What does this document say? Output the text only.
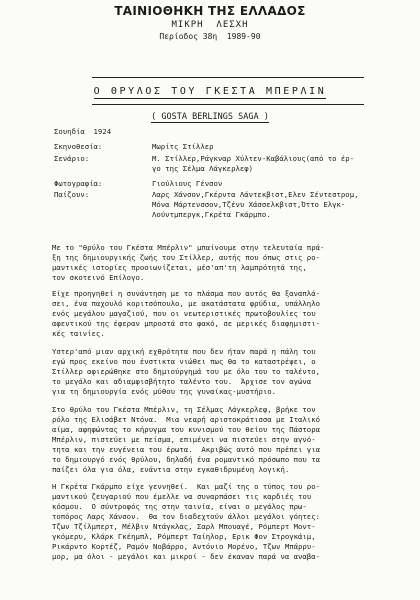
ΤΑΙΝΙΟΘΗΚΗ ΤΗΣ ΕΛΛΑΔΟΣ
ΜΙΚΡΗ  ΛΕΣΧΗ
Περίοδος 38η  1989-90
Ο ΘΡΥΛΟΣ ΤΟΥ ΓΚΕΣΤΑ ΜΠΕΡΛΙΝ
( GOSTA BERLINGS SAGA )
Σουηδία  1924
Σκηνοθεσία:	Μωρίτς Στίλλερ
Σενάριο:	Μ. Στίλλερ,Ράγκναρ Χύλτεν-Καβάλιους(από το έρ-
γο της Σέλμα Λάγκερλεφ)
Φωτογραφία:	Γιούλιους Γένσον
Παίζουν:	Λαρς Χάνσον,Γκέρντα Λάντεκβιστ,Ελεν Σέντεστρομ,
Μόνα Μάρτενσσον,Τζένυ Χάσσελκβιστ,Όττο Ελγκ-
Λούντμπεργκ,Γκρέτα Γκάρμπο.
Με το "θρύλο του Γκέστα Μπέρλιν" μπαίνουμε στην τελευταία πρά-
ξη της δημιουργικής ζωής του Στίλλερ, αυτής που όπως στις ρο-
μαντικές ιστορίες προοιωνίζεται, μέσ'απ'τη λαμπρότητά της,
τον σκοτεινό Επίλογο.
Είχε προηγηθεί η συνάντηση με το πλάσμα που αυτός θα ξαναπλά-
σει, ένα παχουλό κοριτσόπουλο, με ακατάστατα φρύδια, υπάλληλο
ενός μεγάλου μαγαζιού, που οι νεωτεριστικές πρωτοβουλίες του
αφεντικού της έφεραν μπροστά στο φακό, σε μερικές διαφημιστι-
κές ταινίες.
Υστερ'από μιαν αρχική εχθρότητα που δεν ήταν παρά η πάλη του
εγώ προς εκείνο που ένστικτα νιώθει πως θα το καταστρέψει, ο
Στίλλερ αφιερώθηκε στο δημιούργημά του με όλο του το ταλέντο,
το μεγάλο και αδιαμφισβήτητο ταλέντο του.  Άρχισε τον αγώνα
για τη δημιουργία ενός μύθου της γυναίκας-μυστήριο.
Στο θρύλο του Γκέστα Μπέρλιν, τη Σέλμας Λάγκερλεφ, βρήκε τον
ρόλο της Ελισάβετ Ντόνα.  Μια νεαρή αριστοκράτισσα με Ιταλικό
αίμα, αφηφώντας το κήρυγμα του κυνισμού του θείου της Πάστορα
Μπέρλιν, πιστεύει με πείσμα, επιμένει να πιστεύει στην αγνό-
τητα και την ευγένεια του έρωτα.  Ακριβώς αυτό που πρέπει για
το δημιουργό ενός θρύλου, δηλαδή ένα ρομαντικό πρόσωπο που τα
παίζει όλα για όλα, ενάντια στην εγκαθιδρυμένη λογική.
Η Γκρέτα Γκάρμπο είχε γεννηθεί.  Και μαζί της ο τύπος του ρο-
μαντικού ζευγαριού που έμελλε να συναρπάσει τις καρδιές του
κόσμου.  Ο σύντροφός της στην ταινία, είναι ο μεγάλος πρω-
τοπόρος Λαρς Χάνσον.  Θα τον διαδεχτούν άλλοι μεγάλοι γόητες:
Τζων Τζίλμπερτ, Μέλβιν Ντάγκλας, Σαρλ Μπουαγέ, Ρόμπερτ Μοντ-
γκόμερυ, Κλάρκ Γκέημπλ, Ρόμπερτ Ταίηλορ, Ερικ Φον Στρογκάιμ,
Ρικάρντο Κορτέζ, Ραμόν Νοβάρρο, Αντόνιο Μορένο, Τζων Μπάρρυ-
μορ, μα όλοι - μεγάλοι και μικροί - δεν έκαναν παρά να αναβα-
